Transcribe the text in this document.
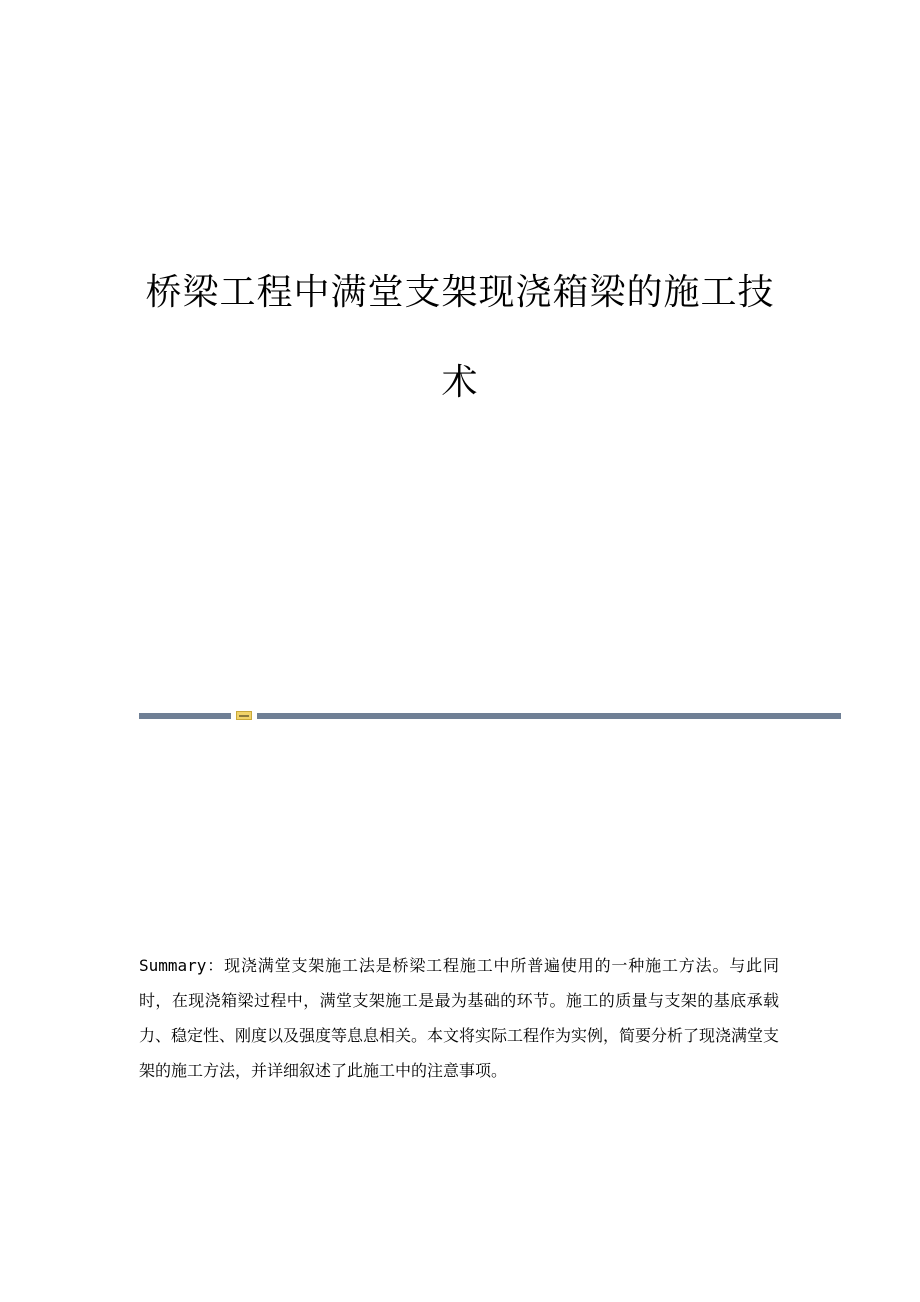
桥梁工程中满堂支架现浇箱梁的施工技
术
Summary：现浇满堂支架施工法是桥梁工程施工中所普遍使用的一种施工方法。与此同时，在现浇箱梁过程中，满堂支架施工是最为基础的环节。施工的质量与支架的基底承载力、稳定性、刚度以及强度等息息相关。本文将实际工程作为实例，简要分析了现浇满堂支架的施工方法，并详细叙述了此施工中的注意事项。
